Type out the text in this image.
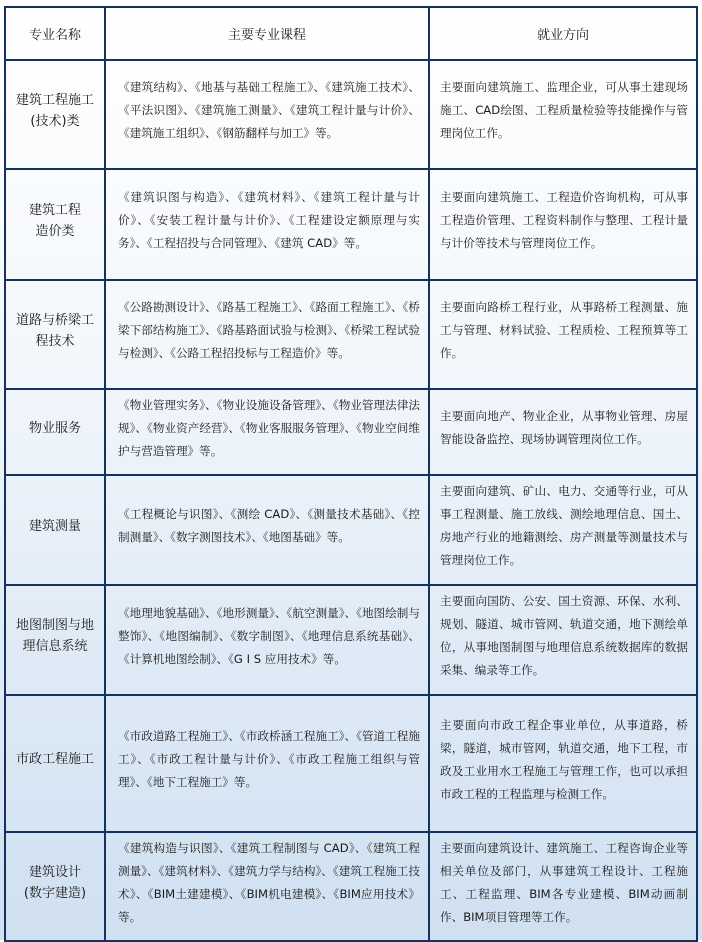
专业名称	主要专业课程	就业方向

建筑工程施工
(技术)类	《建筑结构》、《地基与基础工程施工》、《建筑施工技术》、《平法识图》、《建筑施工测量》、《建筑工程计量与计价》、《建筑施工组织》、《钢筋翻样与加工》等。	主要面向建筑施工、监理企业，可从事土建现场施工、CAD绘图、工程质量检验等技能操作与管理岗位工作。

建筑工程
造价类	《建筑识图与构造》、《建筑材料》、《建筑工程计量与计价》、《安装工程计量与计价》、《工程建设定额原理与实务》、《工程招投与合同管理》、《建筑 CAD》等。	主要面向建筑施工、工程造价咨询机构，可从事工程造价管理、工程资料制作与整理、工程计量与计价等技术与管理岗位工作。

道路与桥梁工
程技术	《公路勘测设计》、《路基工程施工》、《路面工程施工》、《桥梁下部结构施工》、《路基路面试验与检测》、《桥梁工程试验与检测》、《公路工程招投标与工程造价》等。	主要面向路桥工程行业，从事路桥工程测量、施工与管理、材料试验、工程质检、工程预算等工作。

物业服务	《物业管理实务》、《物业设施设备管理》、《物业管理法律法规》、《物业资产经营》、《物业客服服务管理》、《物业空间维护与营造管理》等。	主要面向地产、物业企业，从事物业管理、房屋智能设备监控、现场协调管理岗位工作。

建筑测量	《工程概论与识图》、《测绘 CAD》、《测量技术基础》、《控制测量》、《数字测图技术》、《地图基础》等。	主要面向建筑、矿山、电力、交通等行业，可从事工程测量、施工放线、测绘地理信息、国土、房地产行业的地籍测绘、房产测量等测量技术与管理岗位工作。

地图制图与地
理信息系统	《地理地貌基础》、《地形测量》、《航空测量》、《地图绘制与整饰》、《地图编制》、《数字制图》、《地理信息系统基础》、《计算机地图绘制》、《G I S 应用技术》等。	主要面向国防、公安、国土资源、环保、水利、规划、隧道、城市管网、轨道交通，地下测绘单位，从事地图制图与地理信息系统数据库的数据采集、编录等工作。

市政工程施工	《市政道路工程施工》、《市政桥涵工程施工》、《管道工程施工》、《市政工程计量与计价》、《市政工程施工组织与管理》、《地下工程施工》等。	主要面向市政工程企事业单位，从事道路，桥梁，隧道，城市管网，轨道交通，地下工程，市政及工业用水工程施工与管理工作，也可以承担市政工程的工程监理与检测工作。

建筑设计
(数字建造)	《建筑构造与识图》、《建筑工程制图与 CAD》、《建筑工程测量》、《建筑材料》、《建筑力学与结构》、《建筑工程施工技术》、《BIM土建建模》、《BIM机电建模》、《BIM应用技术》等。	主要面向建筑设计、建筑施工、工程咨询企业等相关单位及部门，从事建筑工程设计、工程施工、工程监理、BIM各专业建模、BIM动画制作、BIM项目管理等工作。
